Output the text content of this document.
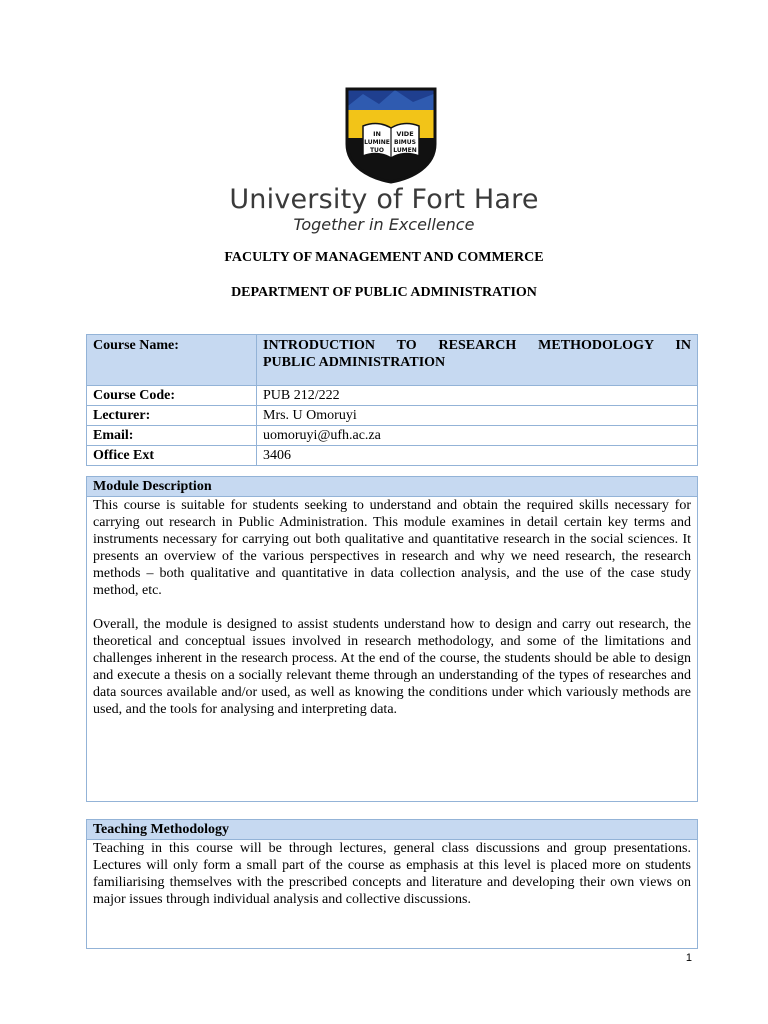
IN VIDE
LUMINE BIMUS
TUO LUMEN
University of Fort Hare
Together in Excellence
FACULTY OF MANAGEMENT AND COMMERCE
DEPARTMENT OF PUBLIC ADMINISTRATION
Course Name:	INTRODUCTION TO RESEARCH METHODOLOGY IN
PUBLIC ADMINISTRATION

Course Code:	PUB 212/222
Lecturer:	Mrs. U Omoruyi
Email:	uomoruyi@ufh.ac.za
Office Ext	3406
Module Description

This course is suitable for students seeking to understand and obtain the required skills necessary for carrying out research in Public Administration. This module examines in detail certain key terms and instruments necessary for carrying out both qualitative and quantitative research in the social sciences. It presents an overview of the various perspectives in research and why we need research, the research methods – both qualitative and quantitative in data collection analysis, and the use of the case study method, etc.

Overall, the module is designed to assist students understand how to design and carry out research, the theoretical and conceptual issues involved in research methodology, and some of the limitations and challenges inherent in the research process. At the end of the course, the students should be able to design and execute a thesis on a socially relevant theme through an understanding of the types of researches and data sources available and/or used, as well as knowing the conditions under which variously methods are used, and the tools for analysing and interpreting data.

Teaching Methodology

Teaching in this course will be through lectures, general class discussions and group presentations. Lectures will only form a small part of the course as emphasis at this level is placed more on students familiarising themselves with the prescribed concepts and literature and developing their own views on major issues through individual analysis and collective discussions.

1
